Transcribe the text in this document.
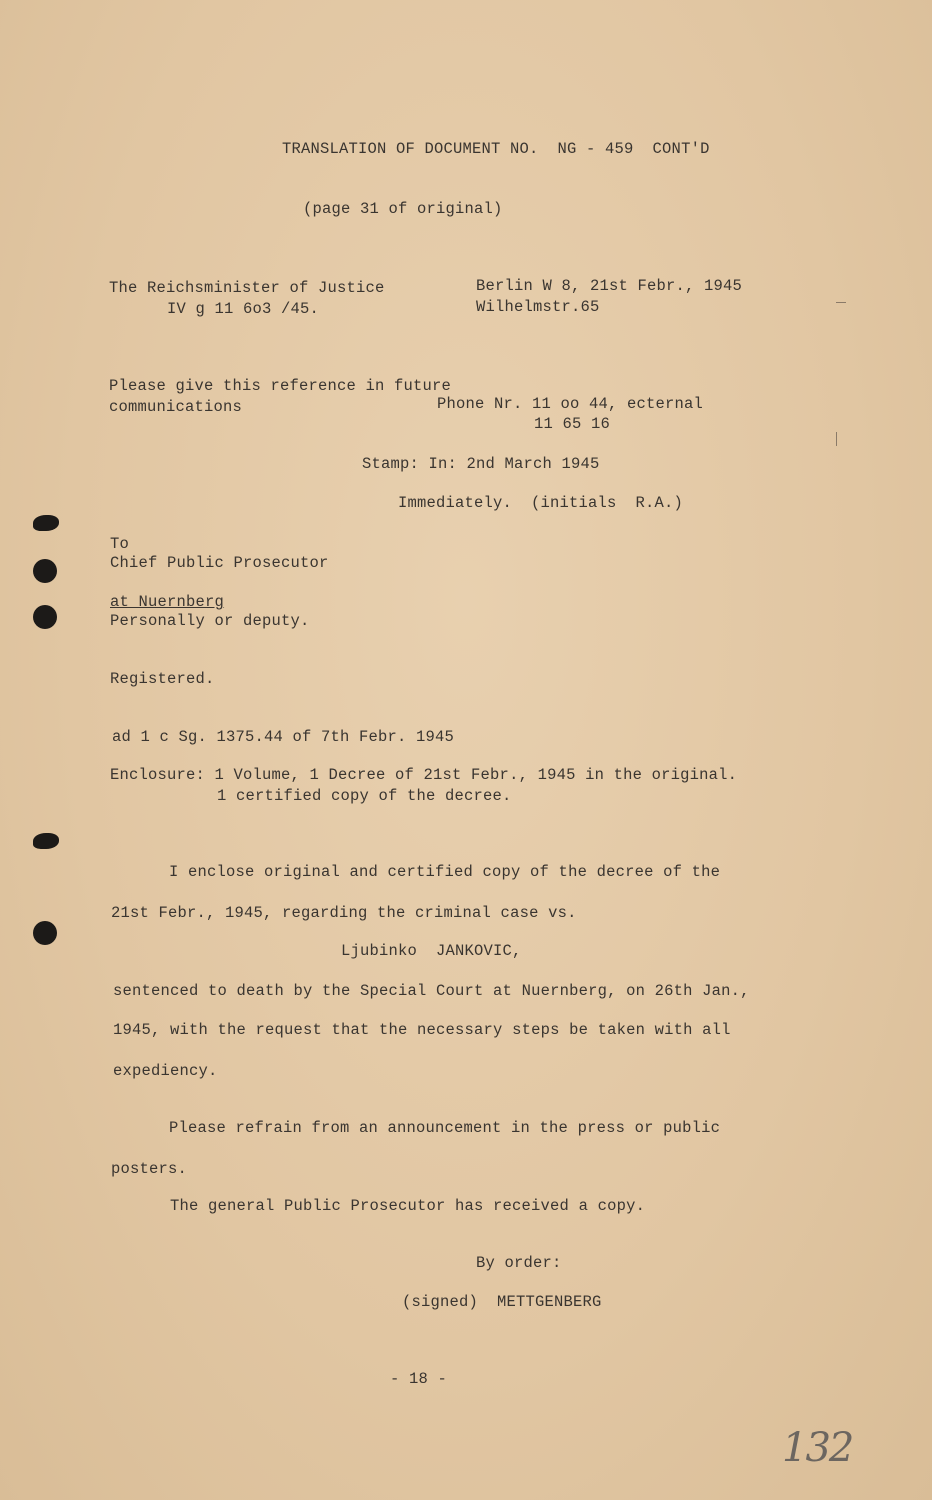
TRANSLATION OF DOCUMENT NO.  NG - 459  CONT'D
(page 31 of original)
The Reichsminister of Justice
IV g 11 6o3 /45.
Berlin W 8, 21st Febr., 1945
Wilhelmstr.65
Please give this reference in future
communications	Phone Nr. 11 oo 44, ecternal
11 65 16
Stamp: In: 2nd March 1945
Immediately.  (initials  R.A.)
To
Chief Public Prosecutor
at Nuernberg
Personally or deputy.
Registered.
ad 1 c Sg. 1375.44 of 7th Febr. 1945
Enclosure: 1 Volume, 1 Decree of 21st Febr., 1945 in the original.
1 certified copy of the decree.
I enclose original and certified copy of the decree of the
21st Febr., 1945, regarding the criminal case vs.
Ljubinko  JANKOVIC,
sentenced to death by the Special Court at Nuernberg, on 26th Jan.,
1945, with the request that the necessary steps be taken with all
expediency.
Please refrain from an announcement in the press or public
posters.
The general Public Prosecutor has received a copy.
By order:
(signed)  METTGENBERG
- 18 -
132
